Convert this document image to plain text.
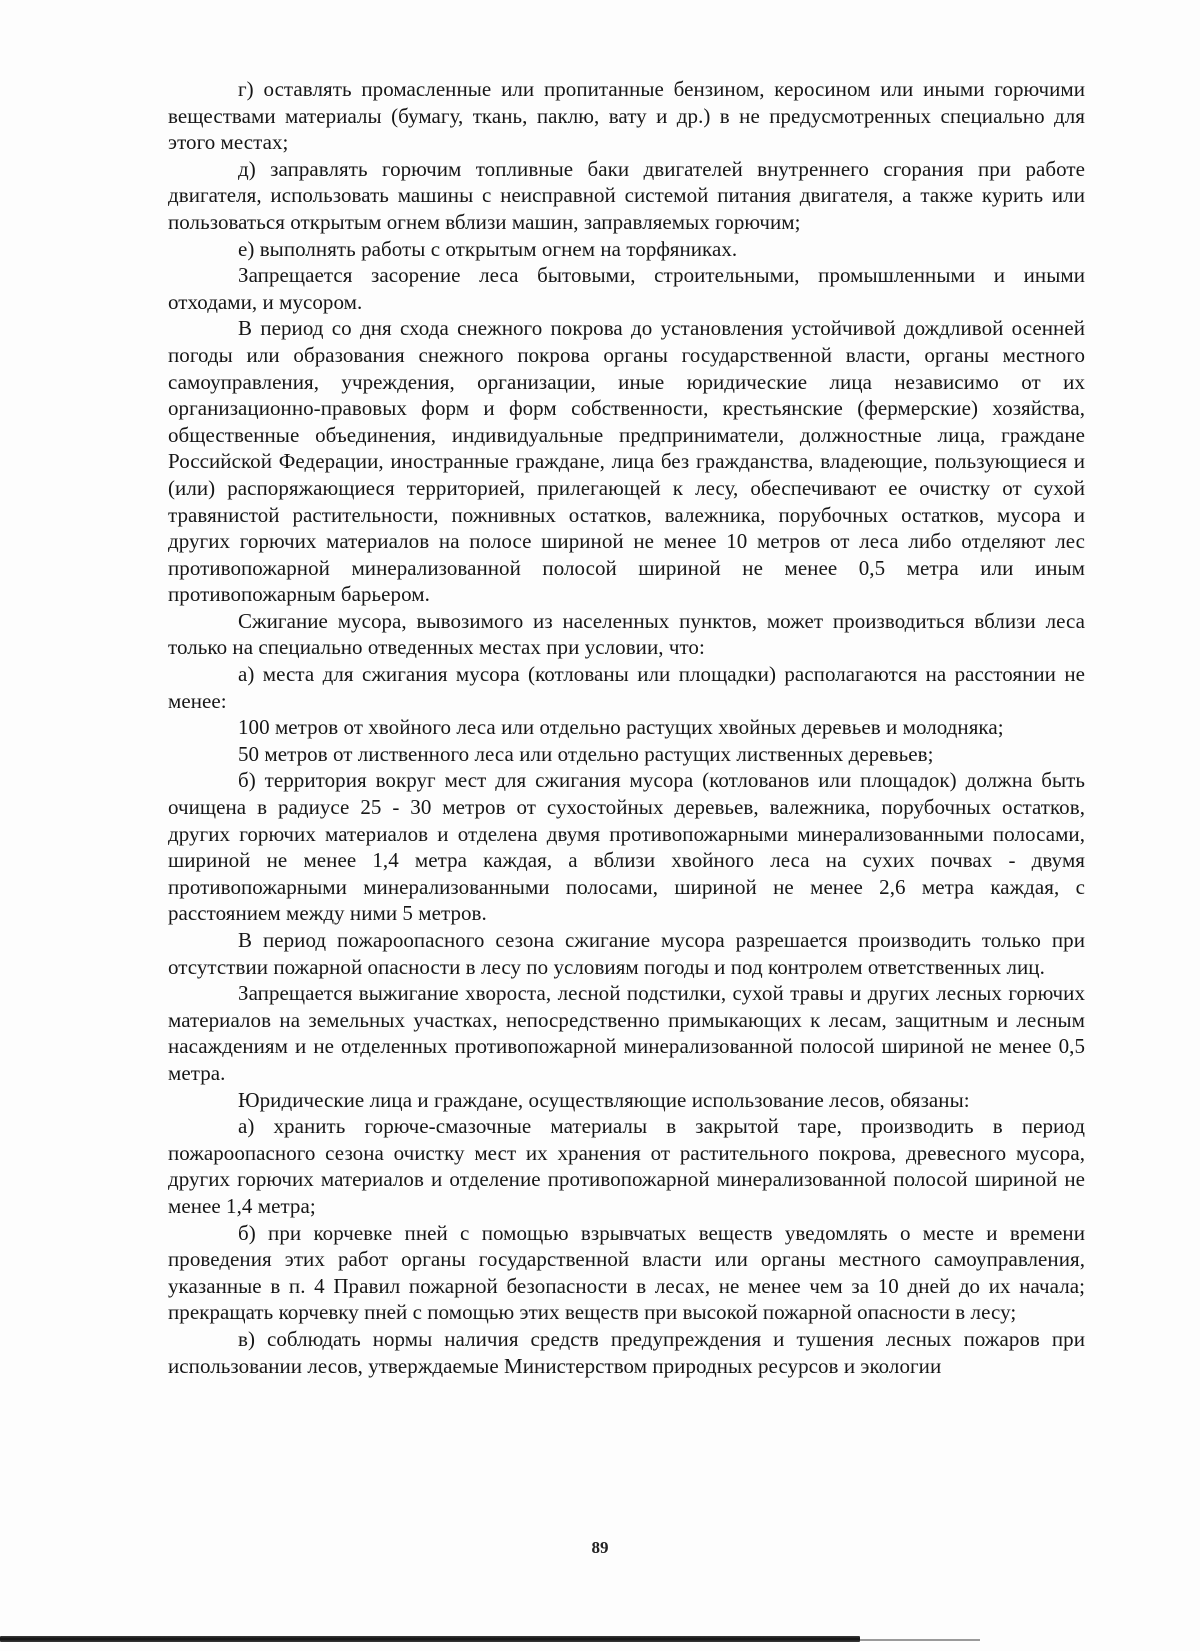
г) оставлять промасленные или пропитанные бензином, керосином или иными горючими веществами материалы (бумагу, ткань, паклю, вату и др.) в не предусмотренных специально для этого местах;

д) заправлять горючим топливные баки двигателей внутреннего сгорания при работе двигателя, использовать машины с неисправной системой питания двигателя, а также курить или пользоваться открытым огнем вблизи машин, заправляемых горючим;

е) выполнять работы с открытым огнем на торфяниках.

Запрещается засорение леса бытовыми, строительными, промышленными и иными отходами, и мусором.

В период со дня схода снежного покрова до установления устойчивой дождливой осенней погоды или образования снежного покрова органы государственной власти, органы местного самоуправления, учреждения, организации, иные юридические лица независимо от их организационно-правовых форм и форм собственности, крестьянские (фермерские) хозяйства, общественные объединения, индивидуальные предприниматели, должностные лица, граждане Российской Федерации, иностранные граждане, лица без гражданства, владеющие, пользующиеся и (или) распоряжающиеся территорией, прилегающей к лесу, обеспечивают ее очистку от сухой травянистой растительности, пожнивных остатков, валежника, порубочных остатков, мусора и других горючих материалов на полосе шириной не менее 10 метров от леса либо отделяют лес противопожарной минерализованной полосой шириной не менее 0,5 метра или иным противопожарным барьером.

Сжигание мусора, вывозимого из населенных пунктов, может производиться вблизи леса только на специально отведенных местах при условии, что:

а) места для сжигания мусора (котлованы или площадки) располагаются на расстоянии не менее:

100 метров от хвойного леса или отдельно растущих хвойных деревьев и молодняка;

50 метров от лиственного леса или отдельно растущих лиственных деревьев;

б) территория вокруг мест для сжигания мусора (котлованов или площадок) должна быть очищена в радиусе 25 - 30 метров от сухостойных деревьев, валежника, порубочных остатков, других горючих материалов и отделена двумя противопожарными минерализованными полосами, шириной не менее 1,4 метра каждая, а вблизи хвойного леса на сухих почвах - двумя противопожарными минерализованными полосами, шириной не менее 2,6 метра каждая, с расстоянием между ними 5 метров.

В период пожароопасного сезона сжигание мусора разрешается производить только при отсутствии пожарной опасности в лесу по условиям погоды и под контролем ответственных лиц.

Запрещается выжигание хвороста, лесной подстилки, сухой травы и других лесных горючих материалов на земельных участках, непосредственно примыкающих к лесам, защитным и лесным насаждениям и не отделенных противопожарной минерализованной полосой шириной не менее 0,5 метра.

Юридические лица и граждане, осуществляющие использование лесов, обязаны:

а) хранить горюче-смазочные материалы в закрытой таре, производить в период пожароопасного сезона очистку мест их хранения от растительного покрова, древесного мусора, других горючих материалов и отделение противопожарной минерализованной полосой шириной не менее 1,4 метра;

б) при корчевке пней с помощью взрывчатых веществ уведомлять о месте и времени проведения этих работ органы государственной власти или органы местного самоуправления, указанные в п. 4 Правил пожарной безопасности в лесах, не менее чем за 10 дней до их начала; прекращать корчевку пней с помощью этих веществ при высокой пожарной опасности в лесу;

в) соблюдать нормы наличия средств предупреждения и тушения лесных пожаров при использовании лесов, утверждаемые Министерством природных ресурсов и экологии

89
